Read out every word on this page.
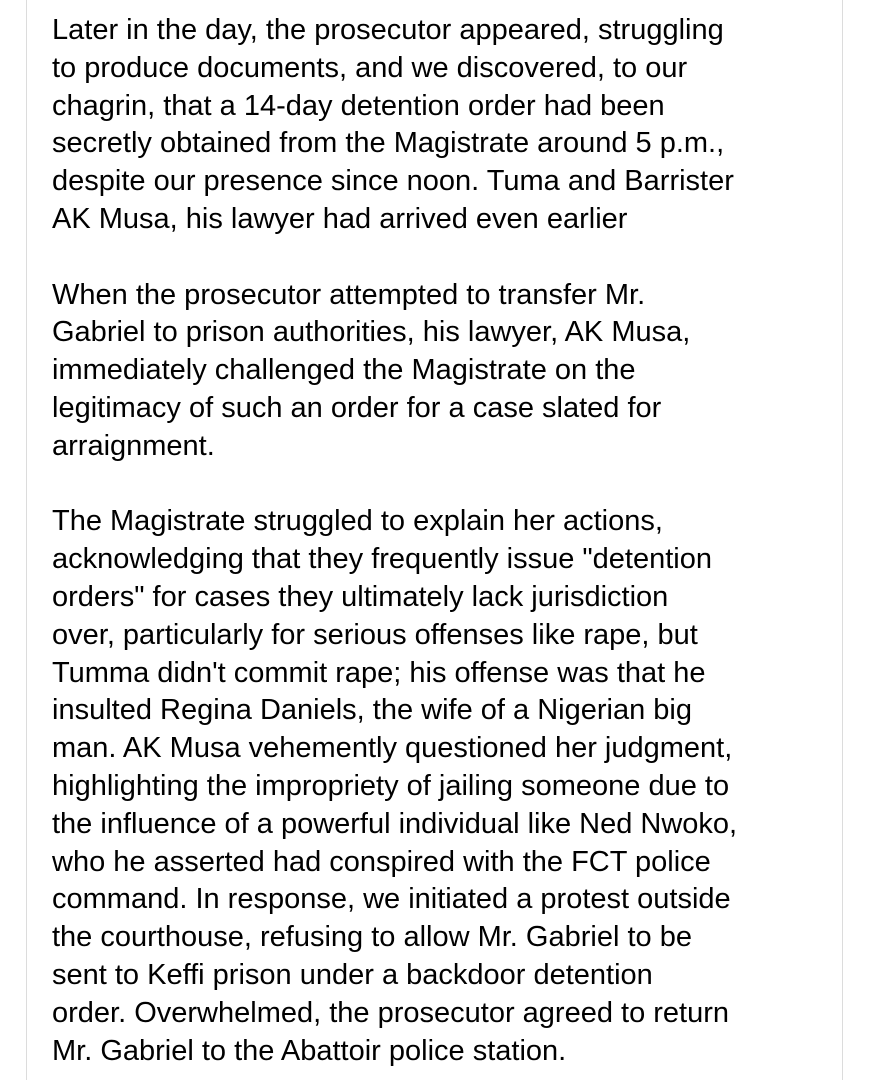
Later in the day, the prosecutor appeared, struggling
to produce documents, and we discovered, to our
chagrin, that a 14-day detention order had been
secretly obtained from the Magistrate around 5 p.m.,
despite our presence since noon. Tuma and Barrister
AK Musa, his lawyer had arrived even earlier

When the prosecutor attempted to transfer Mr.
Gabriel to prison authorities, his lawyer, AK Musa,
immediately challenged the Magistrate on the
legitimacy of such an order for a case slated for
arraignment.

The Magistrate struggled to explain her actions,
acknowledging that they frequently issue "detention
orders" for cases they ultimately lack jurisdiction
over, particularly for serious offenses like rape, but
Tumma didn't commit rape; his offense was that he
insulted Regina Daniels, the wife of a Nigerian big
man. AK Musa vehemently questioned her judgment,
highlighting the impropriety of jailing someone due to
the influence of a powerful individual like Ned Nwoko,
who he asserted had conspired with the FCT police
command. In response, we initiated a protest outside
the courthouse, refusing to allow Mr. Gabriel to be
sent to Keffi prison under a backdoor detention
order. Overwhelmed, the prosecutor agreed to return
Mr. Gabriel to the Abattoir police station.
